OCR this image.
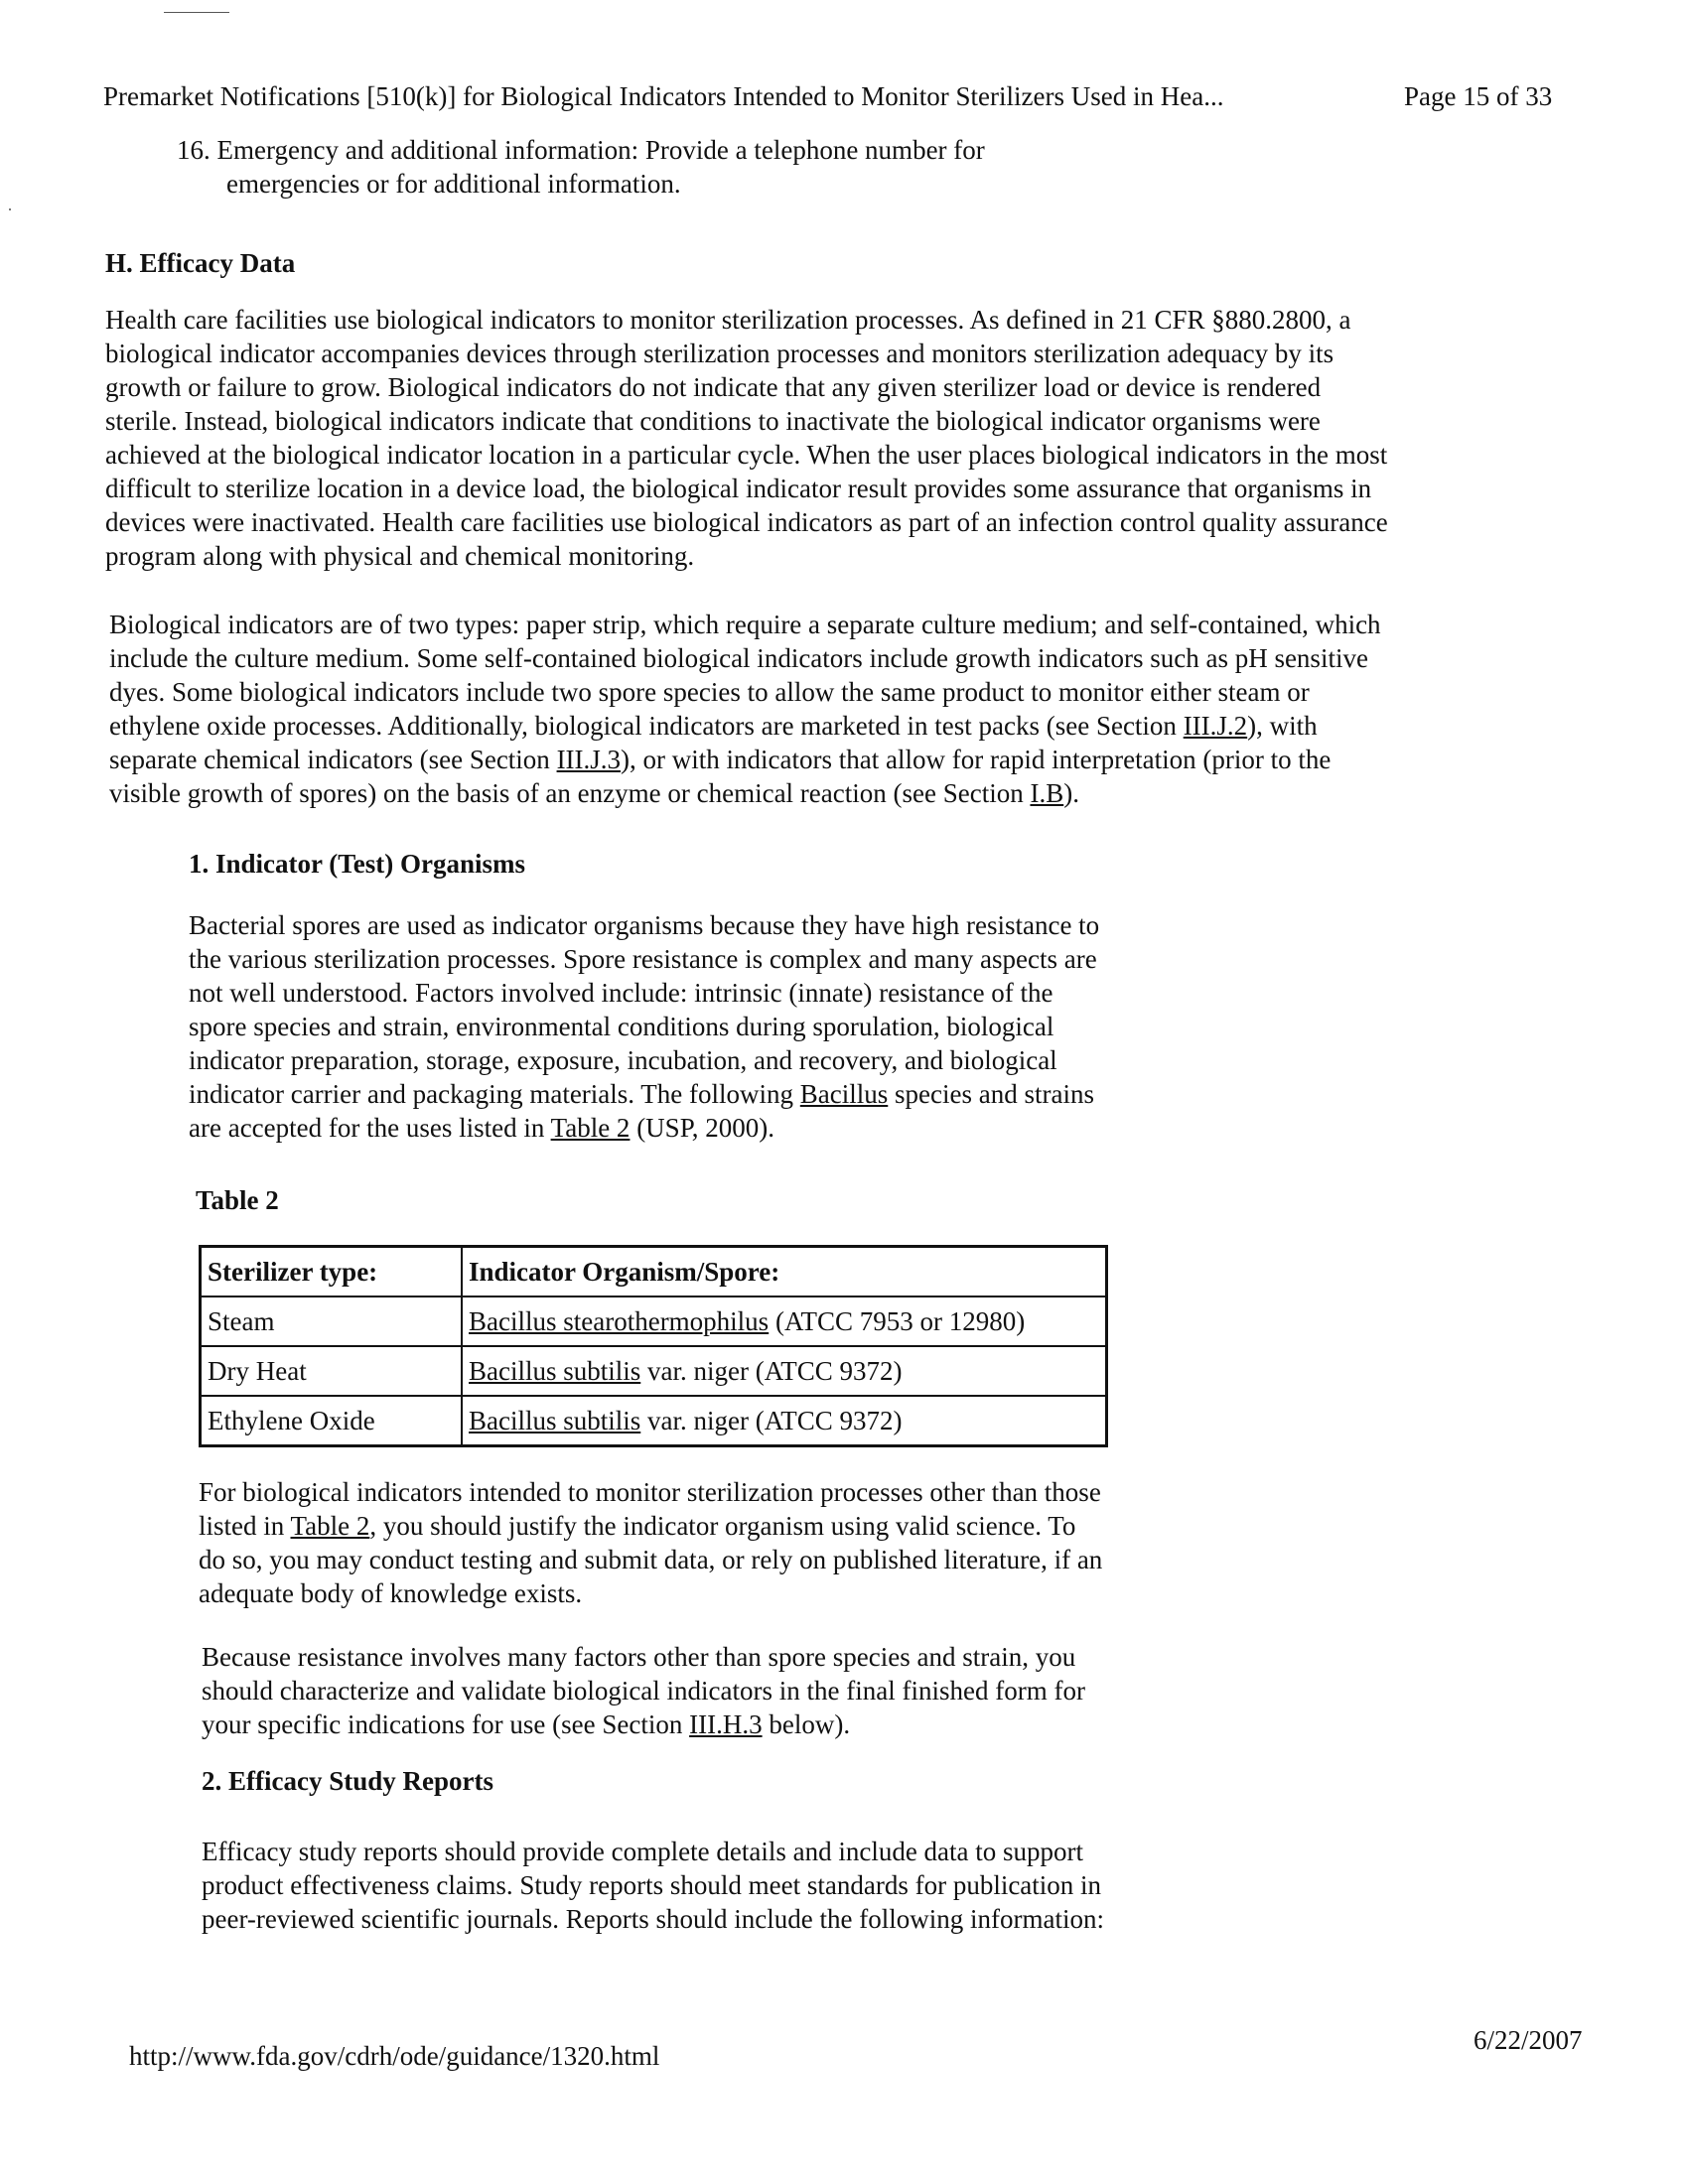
Premarket Notifications [510(k)] for Biological Indicators Intended to Monitor Sterilizers Used in Hea...	Page 15 of 33

16. Emergency and additional information: Provide a telephone number for

emergencies or for additional information.

H. Efficacy Data

Health care facilities use biological indicators to monitor sterilization processes. As defined in 21 CFR §880.2800, a

biological indicator accompanies devices through sterilization processes and monitors sterilization adequacy by its

growth or failure to grow. Biological indicators do not indicate that any given sterilizer load or device is rendered

sterile. Instead, biological indicators indicate that conditions to inactivate the biological indicator organisms were

achieved at the biological indicator location in a particular cycle. When the user places biological indicators in the most

difficult to sterilize location in a device load, the biological indicator result provides some assurance that organisms in

devices were inactivated. Health care facilities use biological indicators as part of an infection control quality assurance

program along with physical and chemical monitoring.

Biological indicators are of two types: paper strip, which require a separate culture medium; and self-contained, which

include the culture medium. Some self-contained biological indicators include growth indicators such as pH sensitive

dyes. Some biological indicators include two spore species to allow the same product to monitor either steam or

ethylene oxide processes. Additionally, biological indicators are marketed in test packs (see Section III.J.2), with

separate chemical indicators (see Section III.J.3), or with indicators that allow for rapid interpretation (prior to the

visible growth of spores) on the basis of an enzyme or chemical reaction (see Section I.B).

1. Indicator (Test) Organisms

Bacterial spores are used as indicator organisms because they have high resistance to

the various sterilization processes. Spore resistance is complex and many aspects are

not well understood. Factors involved include: intrinsic (innate) resistance of the

spore species and strain, environmental conditions during sporulation, biological

indicator preparation, storage, exposure, incubation, and recovery, and biological

indicator carrier and packaging materials. The following Bacillus species and strains

are accepted for the uses listed in Table 2 (USP, 2000).

Table 2
Sterilizer type:	Indicator Organism/Spore:
Steam	Bacillus stearothermophilus (ATCC 7953 or 12980)
Dry Heat	Bacillus subtilis var. niger (ATCC 9372)
Ethylene Oxide	Bacillus subtilis var. niger (ATCC 9372)

For biological indicators intended to monitor sterilization processes other than those

listed in Table 2, you should justify the indicator organism using valid science. To

do so, you may conduct testing and submit data, or rely on published literature, if an

adequate body of knowledge exists.

Because resistance involves many factors other than spore species and strain, you

should characterize and validate biological indicators in the final finished form for

your specific indications for use (see Section III.H.3 below).

2. Efficacy Study Reports

Efficacy study reports should provide complete details and include data to support

product effectiveness claims. Study reports should meet standards for publication in

peer-reviewed scientific journals. Reports should include the following information:

http://www.fda.gov/cdrh/ode/guidance/1320.html
6/22/2007
